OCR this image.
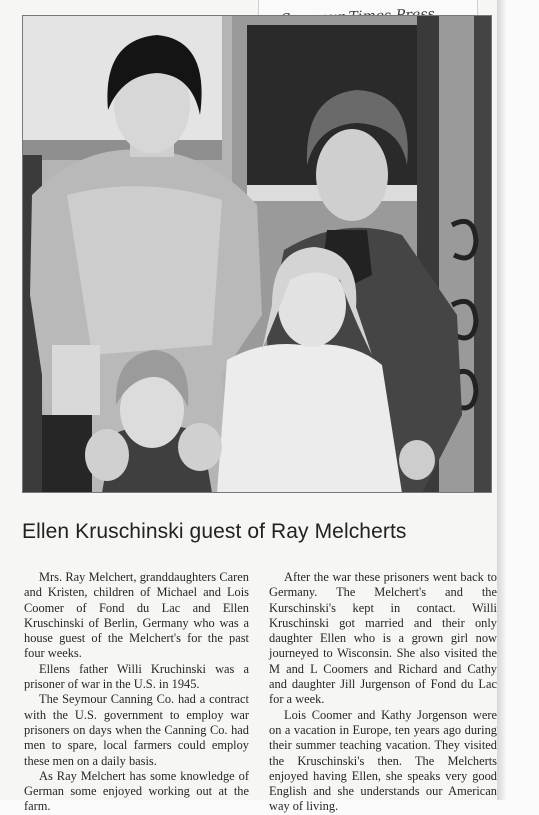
Ellen Kruschinski guest of Ray Melcherts

Mrs. Ray Melchert, granddaughters Caren and Kristen, children of Michael and Lois Coomer of Fond du Lac and Ellen Kruschinski of Berlin, Germany who was a house guest of the Melchert's for the past four weeks.

Ellens father Willi Kruchinski was a prisoner of war in the U.S. in 1945.

The Seymour Canning Co. had a contract with the U.S. government to employ war prisoners on days when the Canning Co. had men to spare, local farmers could employ these men on a daily basis.

As Ray Melchert has some knowledge of German some enjoyed working out at the farm.

After the war these prisoners went back to Germany. The Melchert's and the Kurschinski's kept in contact. Willi Kruschinski got married and their only daughter Ellen who is a grown girl now journeyed to Wisconsin. She also visited the M and L Coomers and Richard and Cathy and daughter Jill Jurgenson of Fond du Lac for a week.

Lois Coomer and Kathy Jorgenson were on a vacation in Europe, ten years ago during their summer teaching vacation. They visited the Kruschinski's then. The Melcherts enjoyed having Ellen, she speaks very good English and she understands our American way of living.
